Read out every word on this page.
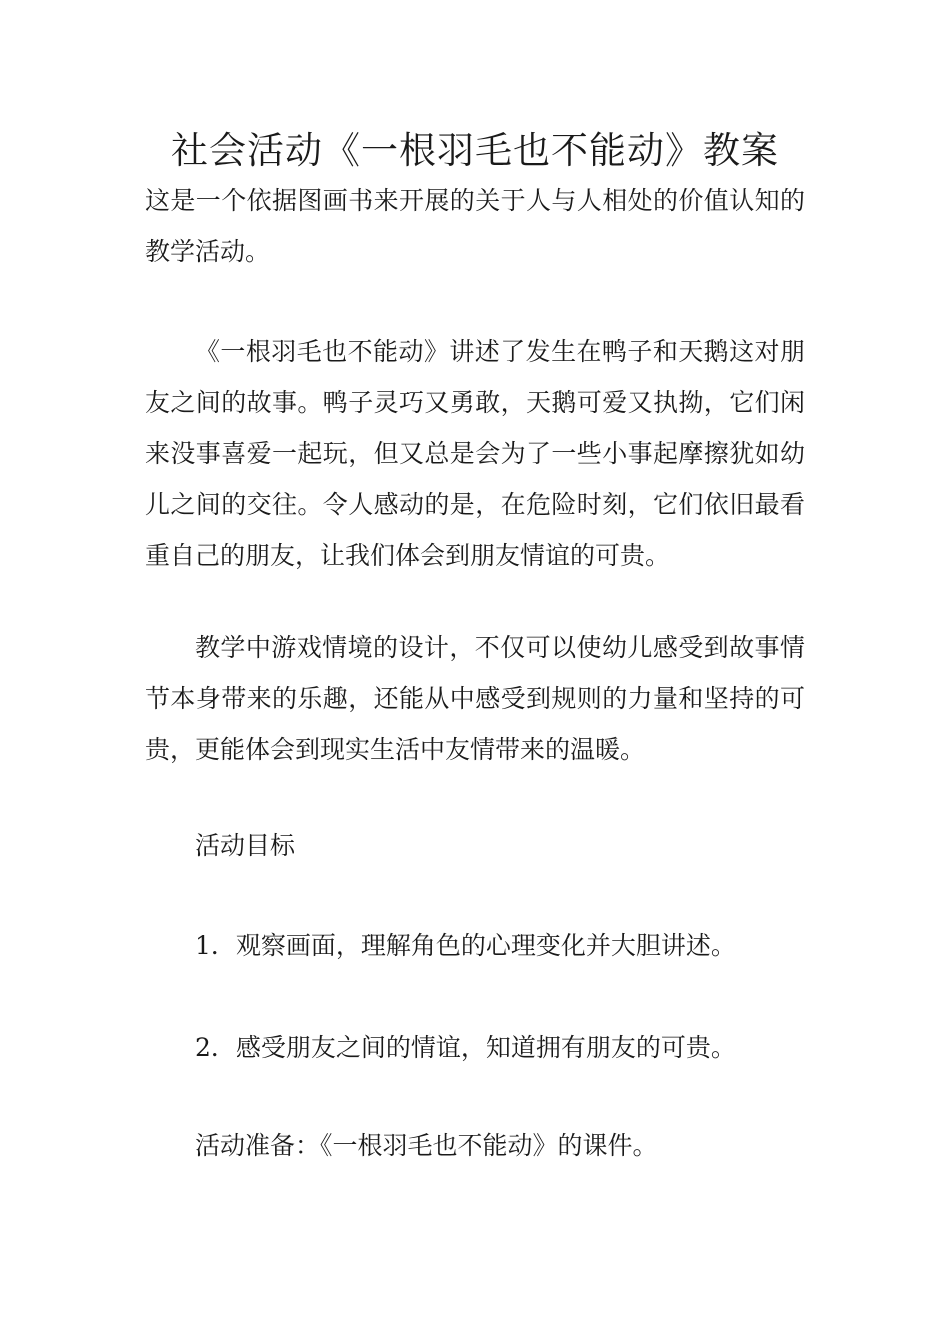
社会活动《一根羽毛也不能动》教案

这是一个依据图画书来开展的关于人与人相处的价值认知的教学活动。

《一根羽毛也不能动》讲述了发生在鸭子和天鹅这对朋友之间的故事。鸭子灵巧又勇敢，天鹅可爱又执拗，它们闲来没事喜爱一起玩，但又总是会为了一些小事起摩擦犹如幼儿之间的交往。令人感动的是，在危险时刻，它们依旧最看重自己的朋友，让我们体会到朋友情谊的可贵。

教学中游戏情境的设计，不仅可以使幼儿感受到故事情节本身带来的乐趣，还能从中感受到规则的力量和坚持的可贵，更能体会到现实生活中友情带来的温暖。

活动目标

1．观察画面，理解角色的心理变化并大胆讲述。

2．感受朋友之间的情谊，知道拥有朋友的可贵。

活动准备：《一根羽毛也不能动》的课件。
